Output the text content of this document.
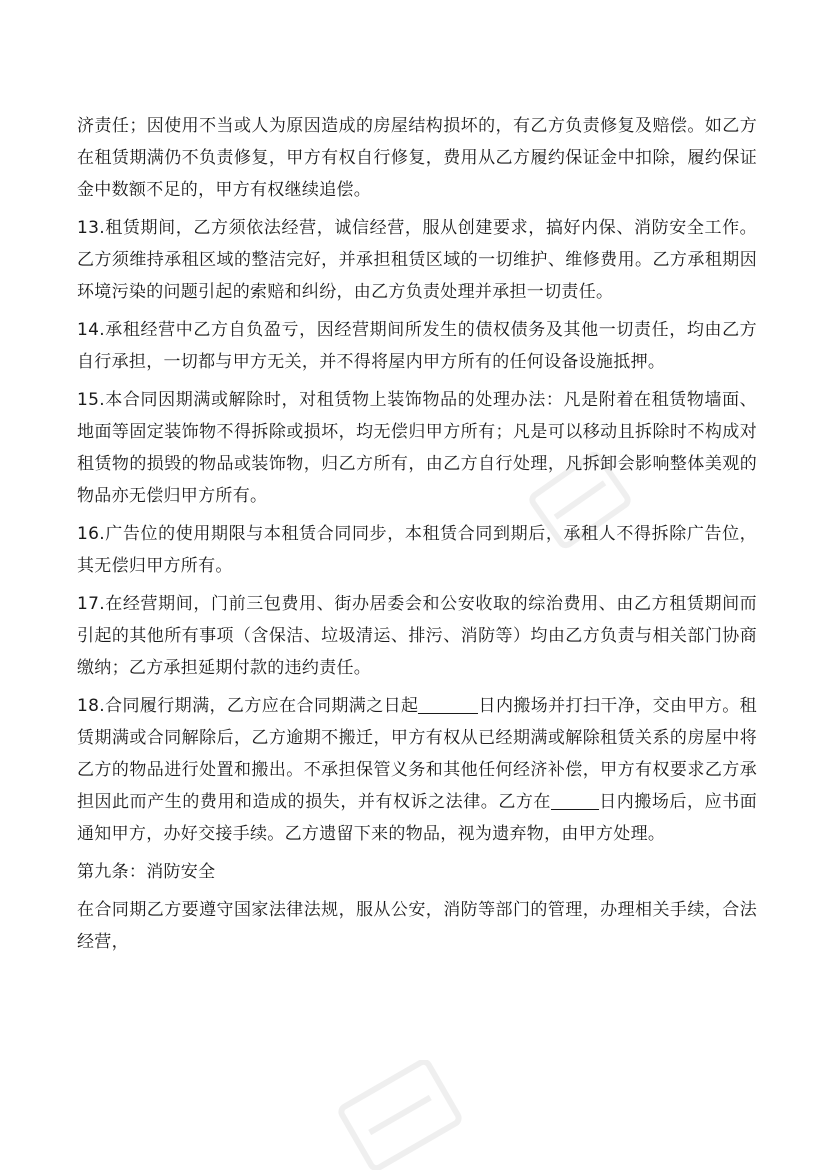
济责任；因使用不当或人为原因造成的房屋结构损坏的，有乙方负责修复及赔偿。如乙方在租赁期满仍不负责修复，甲方有权自行修复，费用从乙方履约保证金中扣除，履约保证金中数额不足的，甲方有权继续追偿。

13.租赁期间，乙方须依法经营，诚信经营，服从创建要求，搞好内保、消防安全工作。乙方须维持承租区域的整洁完好，并承担租赁区域的一切维护、维修费用。乙方承租期因环境污染的问题引起的索赔和纠纷，由乙方负责处理并承担一切责任。

14.承租经营中乙方自负盈亏，因经营期间所发生的债权债务及其他一切责任，均由乙方自行承担，一切都与甲方无关，并不得将屋内甲方所有的任何设备设施抵押。

15.本合同因期满或解除时，对租赁物上装饰物品的处理办法：凡是附着在租赁物墙面、地面等固定装饰物不得拆除或损坏，均无偿归甲方所有；凡是可以移动且拆除时不构成对租赁物的损毁的物品或装饰物，归乙方所有，由乙方自行处理，凡拆卸会影响整体美观的物品亦无偿归甲方所有。

16.广告位的使用期限与本租赁合同同步，本租赁合同到期后，承租人不得拆除广告位，其无偿归甲方所有。

17.在经营期间，门前三包费用、街办居委会和公安收取的综治费用、由乙方租赁期间而引起的其他所有事项（含保洁、垃圾清运、排污、消防等）均由乙方负责与相关部门协商缴纳；乙方承担延期付款的违约责任。

18.合同履行期满，乙方应在合同期满之日起	日内搬场并打扫干净，交由甲方。租赁期满或合同解除后，乙方逾期不搬迁，甲方有权从已经期满或解除租赁关系的房屋中将乙方的物品进行处置和搬出。不承担保管义务和其他任何经济补偿，甲方有权要求乙方承担因此而产生的费用和造成的损失，并有权诉之法律。乙方在	日内搬场后，应书面通知甲方，办好交接手续。乙方遗留下来的物品，视为遗弃物，由甲方处理。

第九条：消防安全

在合同期乙方要遵守国家法律法规，服从公安，消防等部门的管理，办理相关手续，合法经营，
